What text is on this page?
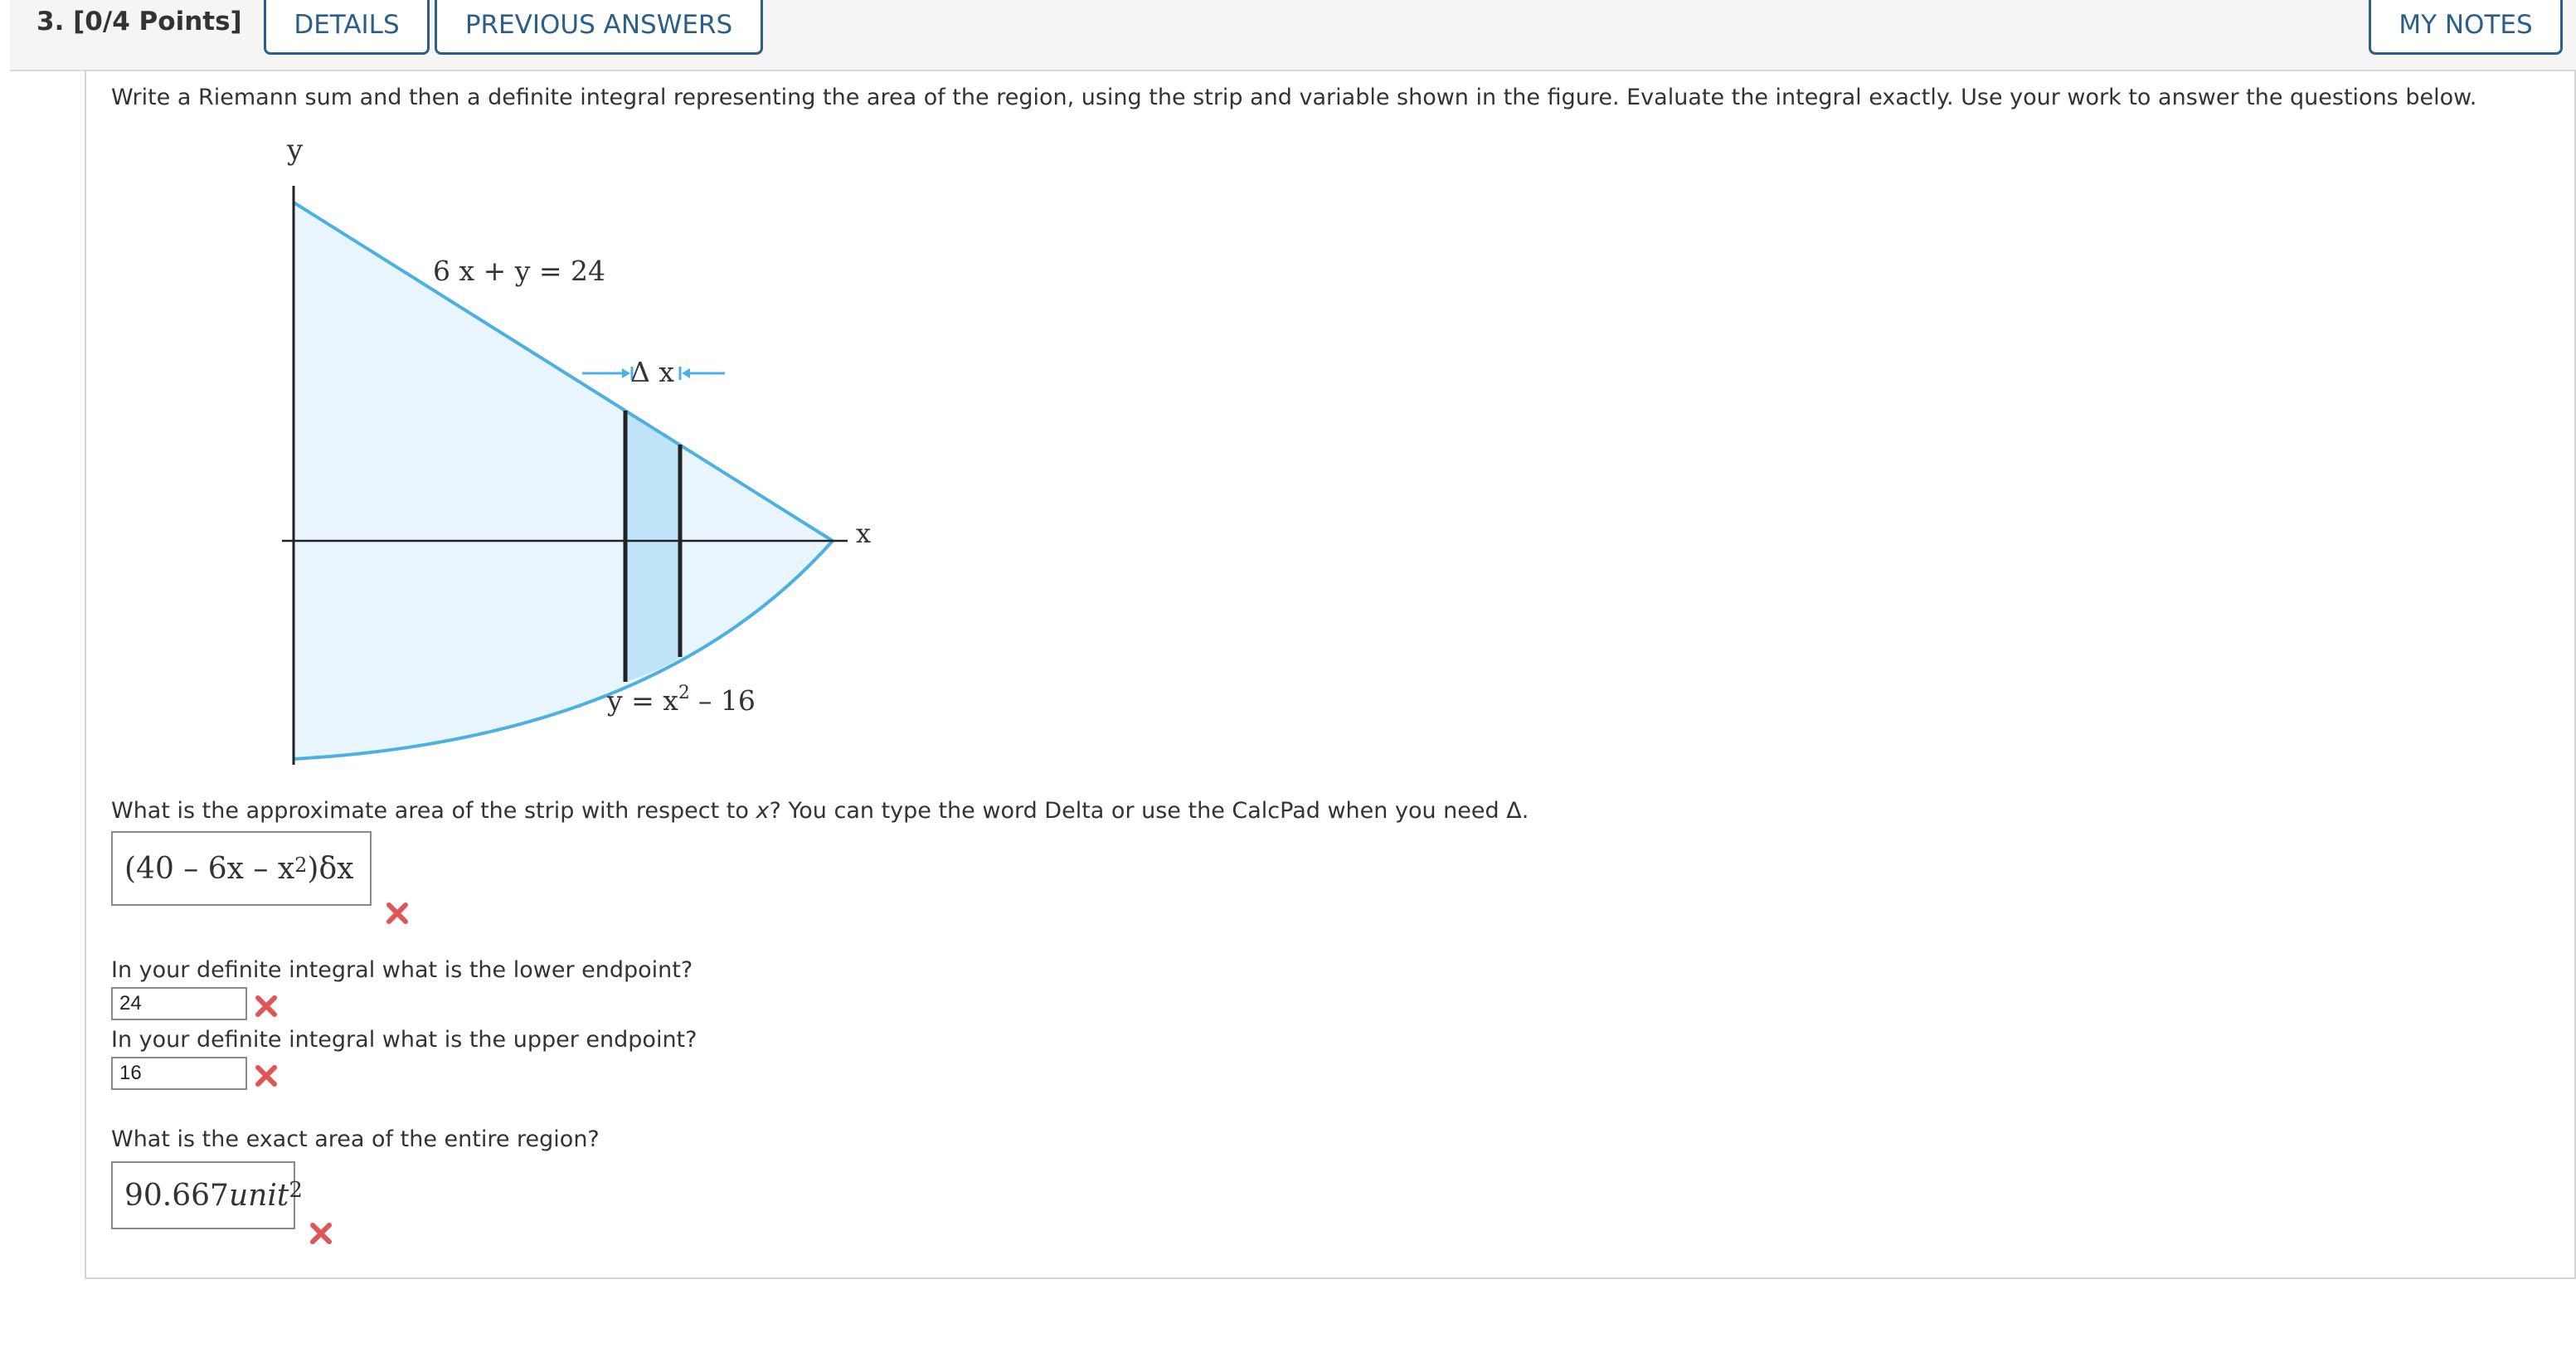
3. [0/4 Points]	DETAILS	PREVIOUS ANSWERS	MY NOTES
Write a Riemann sum and then a definite integral representing the area of the region, using the strip and variable shown in the figure. Evaluate the integral exactly. Use your work to answer the questions below.
y
x
6 x + y = 24
Δ x
$y = x^2 - 16$
What is the approximate area of the strip with respect to x? You can type the word Delta or use the CalcPad when you need Δ.
($40 - 6x - x^2$ )δx
In your definite integral what is the lower endpoint?
24
In your definite integral what is the upper endpoint?
16
What is the exact area of the entire region?
90.667 unit$^2$
